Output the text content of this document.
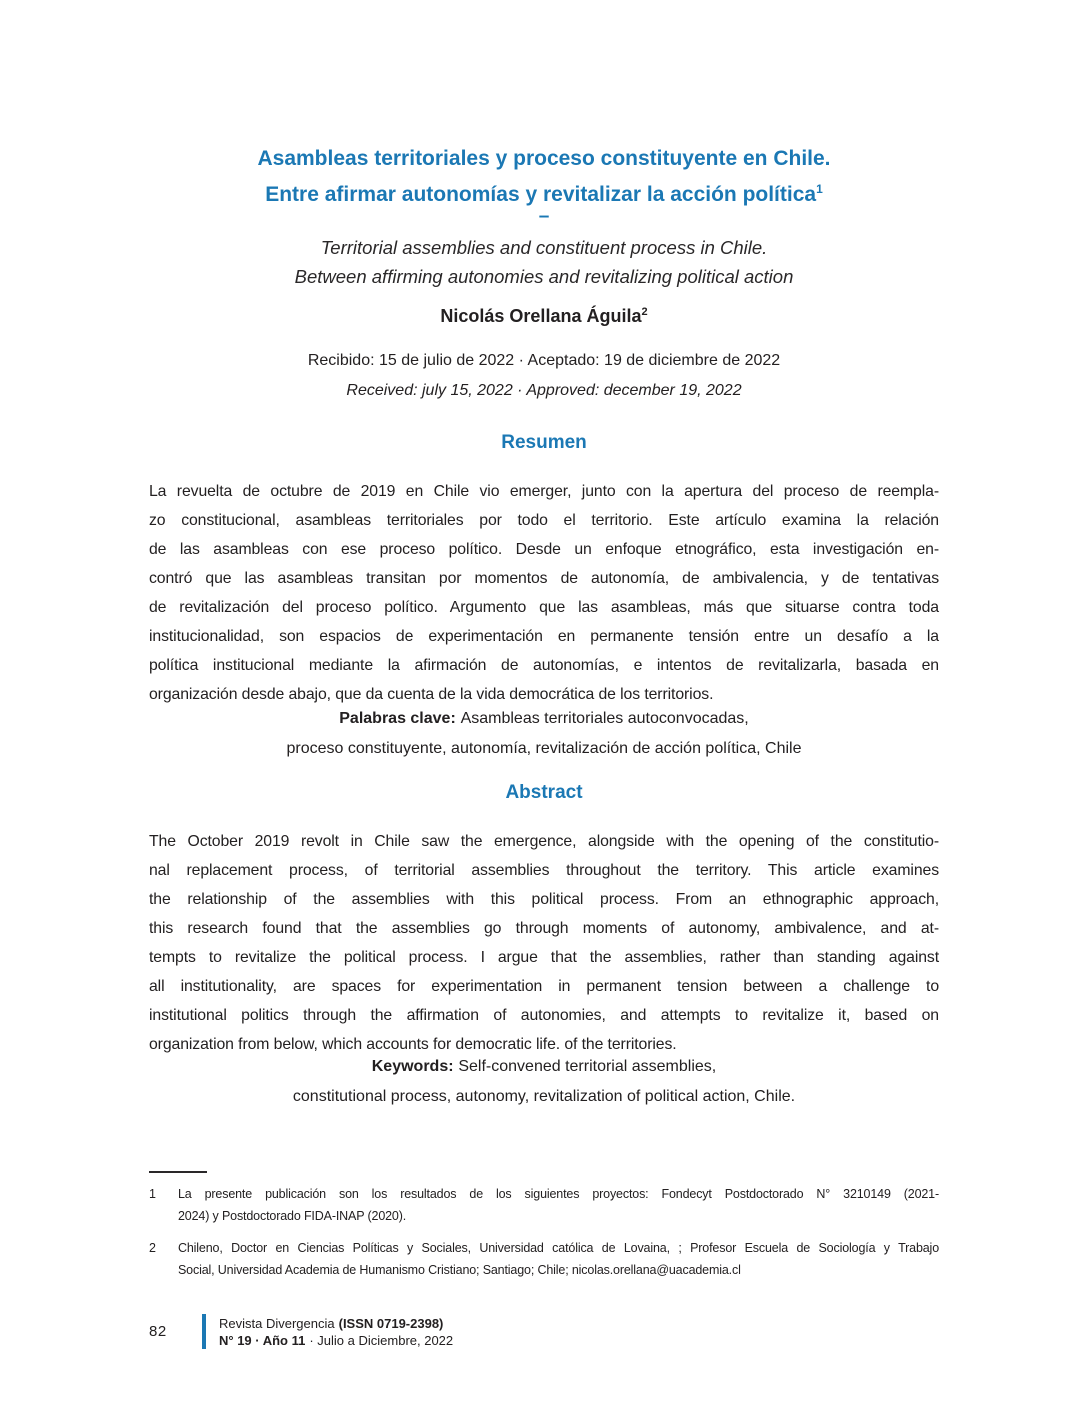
Asambleas territoriales y proceso constituyente en Chile.
Entre afirmar autonomías y revitalizar la acción política$^1$
–
Territorial assemblies and constituent process in Chile.
Between affirming autonomies and revitalizing political action
Nicolás Orellana Águila$^2$
Recibido: 15 de julio de 2022 · Aceptado: 19 de diciembre de 2022
Received: july 15, 2022 · Approved: december 19, 2022
Resumen
La revuelta de octubre de 2019 en Chile vio emerger, junto con la apertura del proceso de reempla-
zo constitucional, asambleas territoriales por todo el territorio. Este artículo examina la relación
de las asambleas con ese proceso político. Desde un enfoque etnográfico, esta investigación en-
contró que las asambleas transitan por momentos de autonomía, de ambivalencia, y de tentativas
de revitalización del proceso político. Argumento que las asambleas, más que situarse contra toda
institucionalidad, son espacios de experimentación en permanente tensión entre un desafío a la
política institucional mediante la afirmación de autonomías, e intentos de revitalizarla, basada en
organización desde abajo, que da cuenta de la vida democrática de los territorios.
Palabras clave: Asambleas territoriales autoconvocadas,
proceso constituyente, autonomía, revitalización de acción política, Chile
Abstract
The October 2019 revolt in Chile saw the emergence, alongside with the opening of the constitutio-
nal replacement process, of territorial assemblies throughout the territory. This article examines
the relationship of the assemblies with this political process. From an ethnographic approach,
this research found that the assemblies go through moments of autonomy, ambivalence, and at-
tempts to revitalize the political process. I argue that the assemblies, rather than standing against
all institutionality, are spaces for experimentation in permanent tension between a challenge to
institutional politics through the affirmation of autonomies, and attempts to revitalize it, based on
organization from below, which accounts for democratic life. of the territories.
Keywords: Self-convened territorial assemblies,
constitutional process, autonomy, revitalization of political action, Chile.
1	La presente publicación son los resultados de los siguientes proyectos: Fondecyt Postdoctorado N° 3210149 (2021-
2024) y Postdoctorado FIDA-INAP (2020).
2	Chileno, Doctor en Ciencias Políticas y Sociales, Universidad católica de Lovaina, ; Profesor Escuela de Sociología y Trabajo
Social, Universidad Academia de Humanismo Cristiano; Santiago; Chile; nicolas.orellana@uacademia.cl
82	Revista Divergencia (ISSN 0719-2398)
N° 19 · Año 11 · Julio a Diciembre, 2022
